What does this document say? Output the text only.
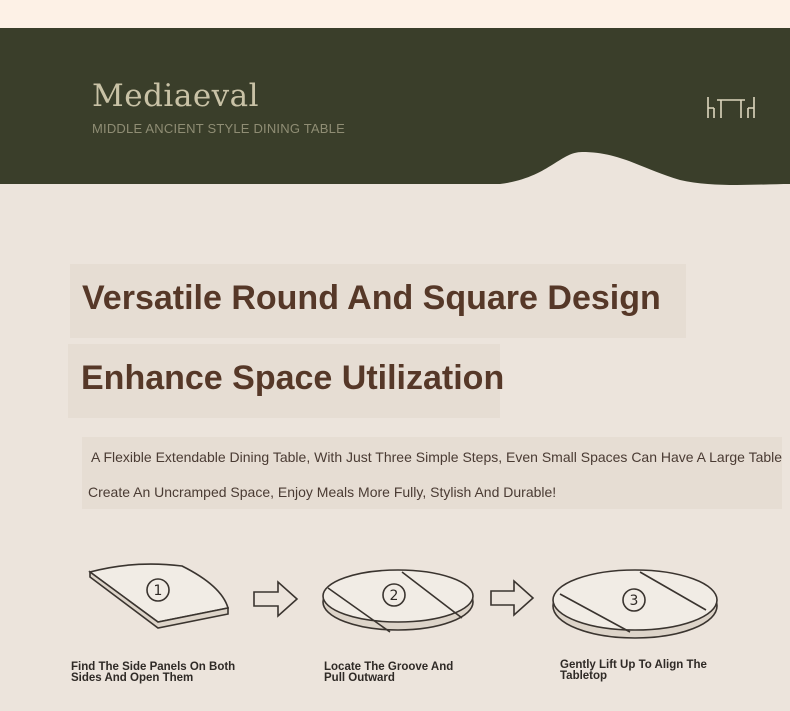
Mediaeval
MIDDLE ANCIENT STYLE DINING TABLE
Versatile Round And Square Design
Enhance Space Utilization
A Flexible Extendable Dining Table, With Just Three Simple Steps, Even Small Spaces Can Have A Large Table
Create An Uncramped Space, Enjoy Meals More Fully, Stylish And Durable!
1	2	3
Find The Side Panels On Both Sides And Open Them
Locate The Groove And Pull Outward
Gently Lift Up To Align The Tabletop
